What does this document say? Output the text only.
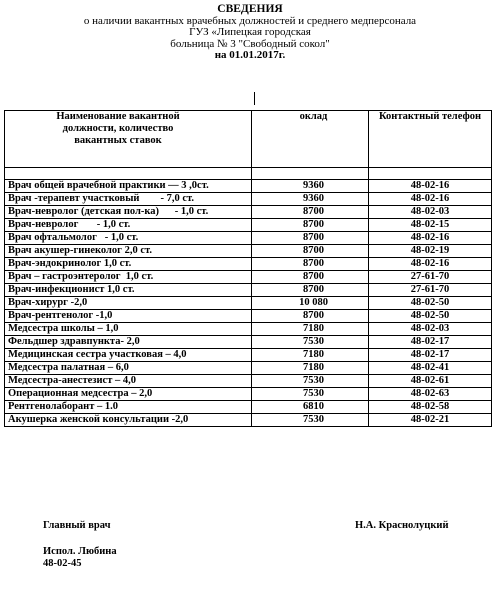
СВЕДЕНИЯ
о наличии вакантных врачебных должностей и среднего медперсонала
ГУЗ «Липецкая городская
больница № 3 "Свободный сокол"
на 01.01.2017г.
Наименование вакантной должности, количество вакантных ставок	оклад	Контактный телефон

Врач общей врачебной практики — 3 ,0ст.	9360	48-02-16
Врач -терапевт участковый        - 7,0 ст.	9360	48-02-16
Врач-невролог (детская пол-ка)      - 1,0 ст.	8700	48-02-03
Врач-невролог       - 1,0 ст.	8700	48-02-15
Врач офтальмолог   - 1,0 ст.	8700	48-02-16
Врач акушер-гинеколог 2,0 ст.	8700	48-02-19
Врач-эндокринолог 1,0 ст.	8700	48-02-16
Врач – гастроэнтеролог  1,0 ст.	8700	27-61-70
Врач-инфекционист 1,0 ст.	8700	27-61-70
Врач-хирург -2,0	10 080	48-02-50
Врач-рентгенолог -1,0	8700	48-02-50
Медсестра школы – 1,0	7180	48-02-03
Фельдшер здравпункта- 2,0	7530	48-02-17
Медицинская сестра участковая – 4,0	7180	48-02-17
Медсестра палатная – 6,0	7180	48-02-41
Медсестра-анестезист – 4,0	7530	48-02-61
Операционная медсестра – 2,0	7530	48-02-63
Рентгенолаборант – 1.0	6810	48-02-58
Акушерка женской консультации -2,0	7530	48-02-21
Главный врач	Н.А. Краснолуцкий
Испол. Любина
48-02-45
